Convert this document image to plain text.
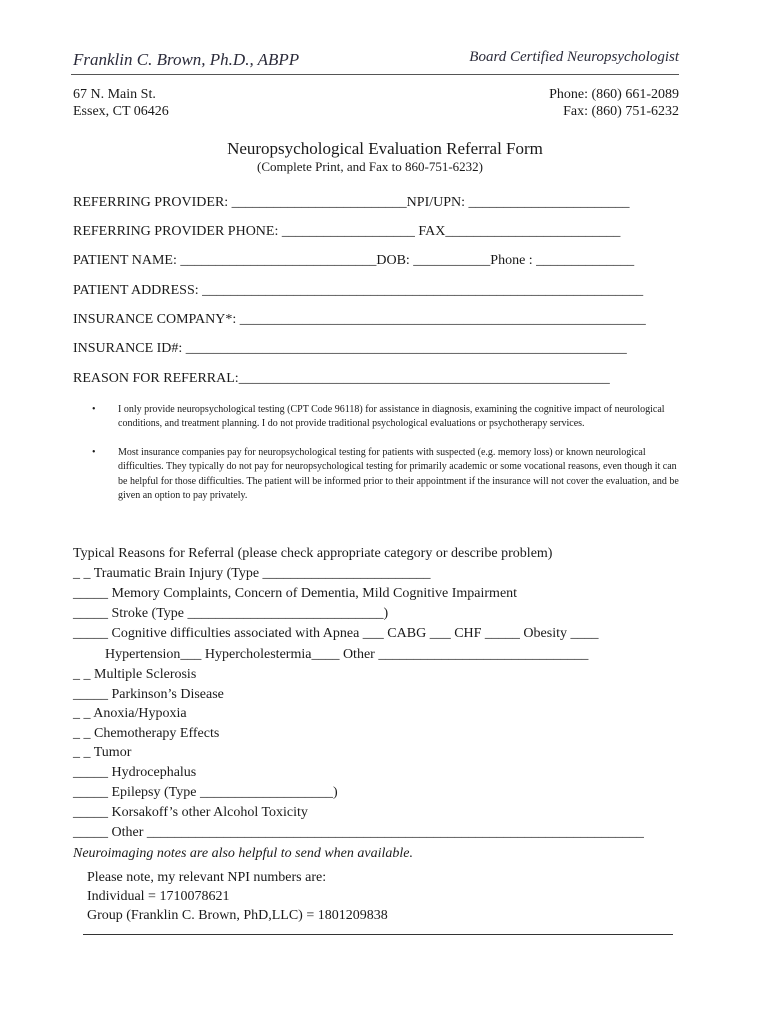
Franklin C. Brown, Ph.D., ABPP	Board Certified Neuropsychologist
67 N. Main St.
Essex, CT 06426
Phone: (860) 661-2089
Fax: (860) 751-6232
Neuropsychological Evaluation Referral Form
(Complete Print, and Fax to 860-751-6232)
REFERRING PROVIDER: _________________________NPI/UPN: _______________________
REFERRING PROVIDER PHONE: ___________________ FAX_________________________
PATIENT NAME: ____________________________DOB: ___________Phone : ______________
PATIENT ADDRESS: _______________________________________________________________
INSURANCE COMPANY*: __________________________________________________________
INSURANCE ID#: _______________________________________________________________
REASON FOR REFERRAL:_____________________________________________________
• I only provide neuropsychological testing (CPT Code 96118) for assistance in diagnosis, examining the cognitive impact of neurological conditions, and treatment planning. I do not provide traditional psychological evaluations or psychotherapy services.
• Most insurance companies pay for neuropsychological testing for patients with suspected (e.g. memory loss) or known neurological difficulties. They typically do not pay for neuropsychological testing for primarily academic or some vocational reasons, even though it can be helpful for those difficulties. The patient will be informed prior to their appointment if the insurance will not cover the evaluation, and be given an option to pay privately.
Typical Reasons for Referral (please check appropriate category or describe problem)
_ _ Traumatic Brain Injury (Type ________________________
_____ Memory Complaints, Concern of Dementia, Mild Cognitive Impairment
_____ Stroke (Type ____________________________)
_____ Cognitive difficulties associated with Apnea ___ CABG ___ CHF _____ Obesity ____
Hypertension___ Hypercholestermia____ Other ______________________________
_ _ Multiple Sclerosis
_____ Parkinson’s Disease
_ _ Anoxia/Hypoxia
_ _ Chemotherapy Effects
_ _ Tumor
_____ Hydrocephalus
_____ Epilepsy (Type ___________________)
_____ Korsakoff’s other Alcohol Toxicity
_____ Other _______________________________________________________________________
Neuroimaging notes are also helpful to send when available.
Please note, my relevant NPI numbers are:
Individual = 1710078621
Group (Franklin C. Brown, PhD,LLC) = 1801209838
